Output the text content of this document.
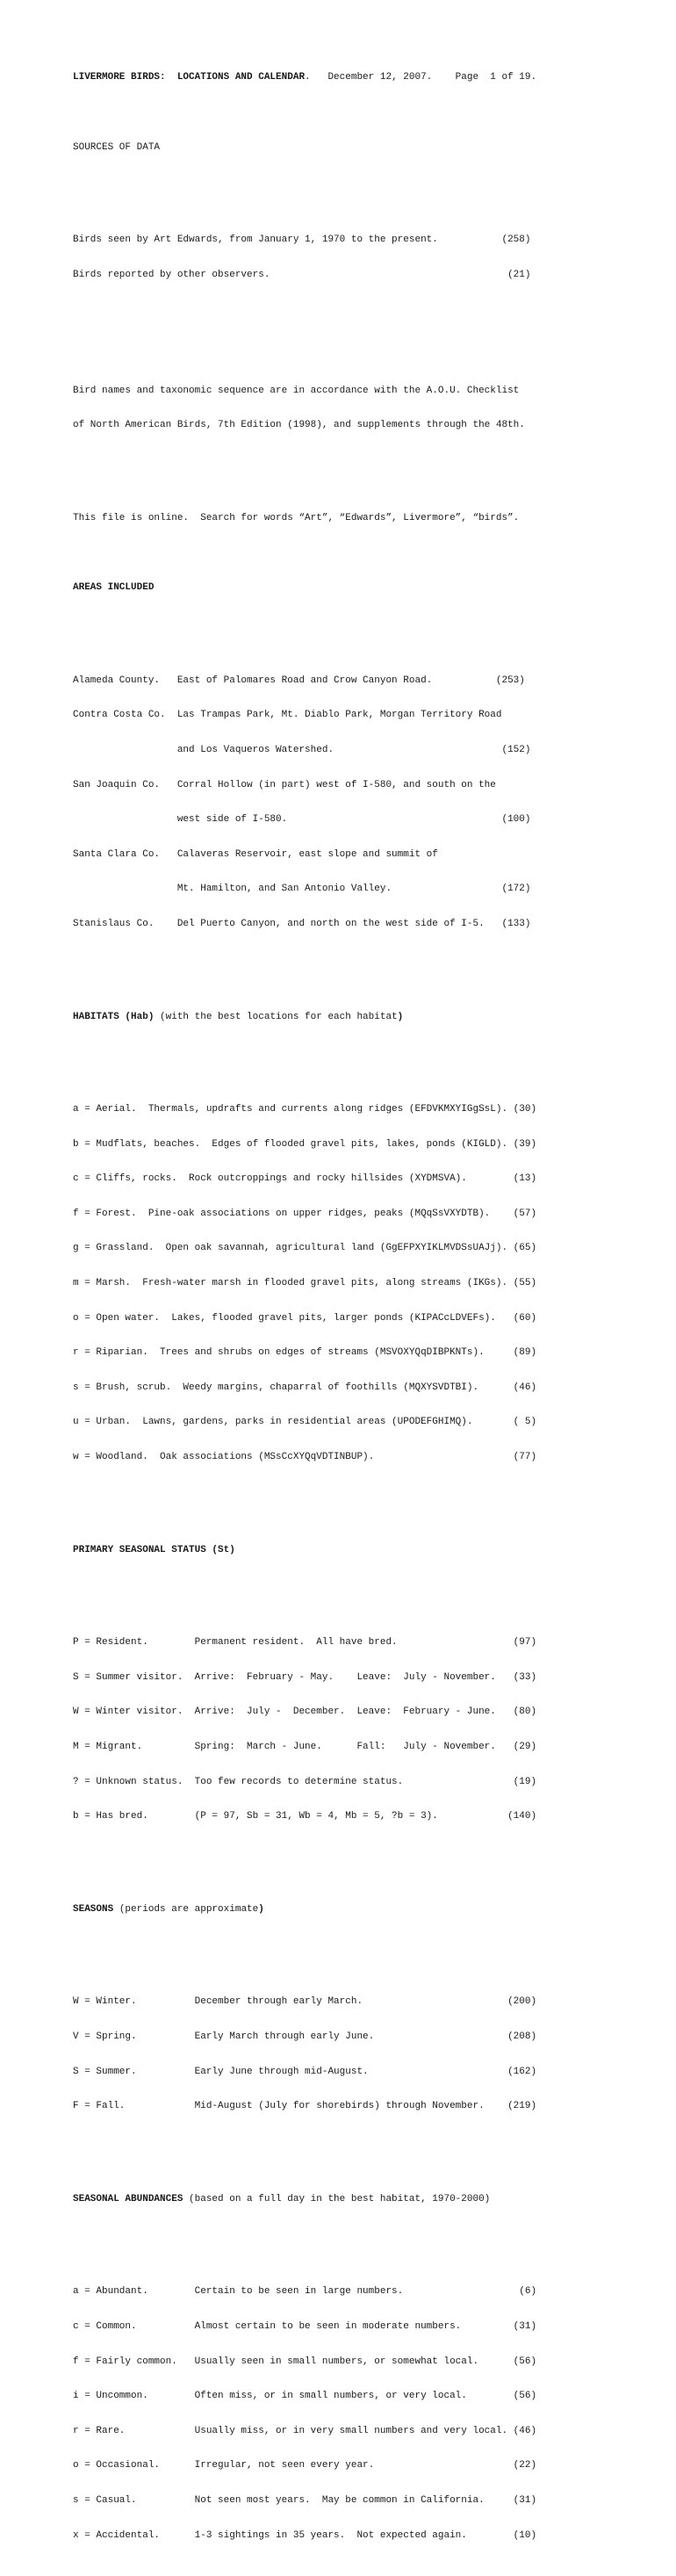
LIVERMORE BIRDS:  LOCATIONS AND CALENDAR.   December 12, 2007.    Page  1 of 19.

SOURCES OF DATA

Birds seen by Art Edwards, from January 1, 1970 to the present.           (258)

Birds reported by other observers.                                         (21)

Bird names and taxonomic sequence are in accordance with the A.O.U. Checklist

of North American Birds, 7th Edition (1998), and supplements through the 48th.

This file is online.  Search for words “Art”, “Edwards”, Livermore”, “birds”.

AREAS INCLUDED

Alameda County.   East of Palomares Road and Crow Canyon Road.           (253)

Contra Costa Co.  Las Trampas Park, Mt. Diablo Park, Morgan Territory Road

and Los Vaqueros Watershed.                             (152)

San Joaquin Co.   Corral Hollow (in part) west of I-580, and south on the

west side of I-580.                                     (100)

Santa Clara Co.   Calaveras Reservoir, east slope and summit of

Mt. Hamilton, and San Antonio Valley.                   (172)

Stanislaus Co.    Del Puerto Canyon, and north on the west side of I-5.   (133)

HABITATS (Hab) (with the best locations for each habitat)

a = Aerial.  Thermals, updrafts and currents along ridges (EFDVKMXYIGgSsL). (30)

b = Mudflats, beaches.  Edges of flooded gravel pits, lakes, ponds (KIGLD). (39)

c = Cliffs, rocks.  Rock outcroppings and rocky hillsides (XYDMSVA).        (13)

f = Forest.  Pine-oak associations on upper ridges, peaks (MQqSsVXYDTB).    (57)

g = Grassland.  Open oak savannah, agricultural land (GgEFPXYIKLMVDSsUAJj). (65)

m = Marsh.  Fresh-water marsh in flooded gravel pits, along streams (IKGs). (55)

o = Open water.  Lakes, flooded gravel pits, larger ponds (KIPACcLDVEFs).   (60)

r = Riparian.  Trees and shrubs on edges of streams (MSVOXYQqDIBPKNTs).     (89)

s = Brush, scrub.  Weedy margins, chaparral of foothills (MQXYSVDTBI).      (46)

u = Urban.  Lawns, gardens, parks in residential areas (UPODEFGHIMQ).       ( 5)

w = Woodland.  Oak associations (MSsCcXYQqVDTINBUP).                        (77)

PRIMARY SEASONAL STATUS (St)

P = Resident.        Permanent resident.  All have bred.                    (97)

S = Summer visitor.  Arrive:  February - May.    Leave:  July - November.   (33)

W = Winter visitor.  Arrive:  July -  December.  Leave:  February - June.   (80)

M = Migrant.         Spring:  March - June.      Fall:   July - November.   (29)

? = Unknown status.  Too few records to determine status.                   (19)

b = Has bred.        (P = 97, Sb = 31, Wb = 4, Mb = 5, ?b = 3).            (140)

SEASONS (periods are approximate)

W = Winter.          December through early March.                         (200)

V = Spring.          Early March through early June.                       (208)

S = Summer.          Early June through mid-August.                        (162)

F = Fall.            Mid-August (July for shorebirds) through November.    (219)

SEASONAL ABUNDANCES (based on a full day in the best habitat, 1970-2000)

a = Abundant.        Certain to be seen in large numbers.                    (6)

c = Common.          Almost certain to be seen in moderate numbers.         (31)

f = Fairly common.   Usually seen in small numbers, or somewhat local.      (56)

i = Uncommon.        Often miss, or in small numbers, or very local.        (56)

r = Rare.            Usually miss, or in very small numbers and very local. (46)

o = Occasional.      Irregular, not seen every year.                        (22)

s = Casual.          Not seen most years.  May be common in California.     (31)

x = Accidental.      1-3 sightings in 35 years.  Not expected again.        (10)
